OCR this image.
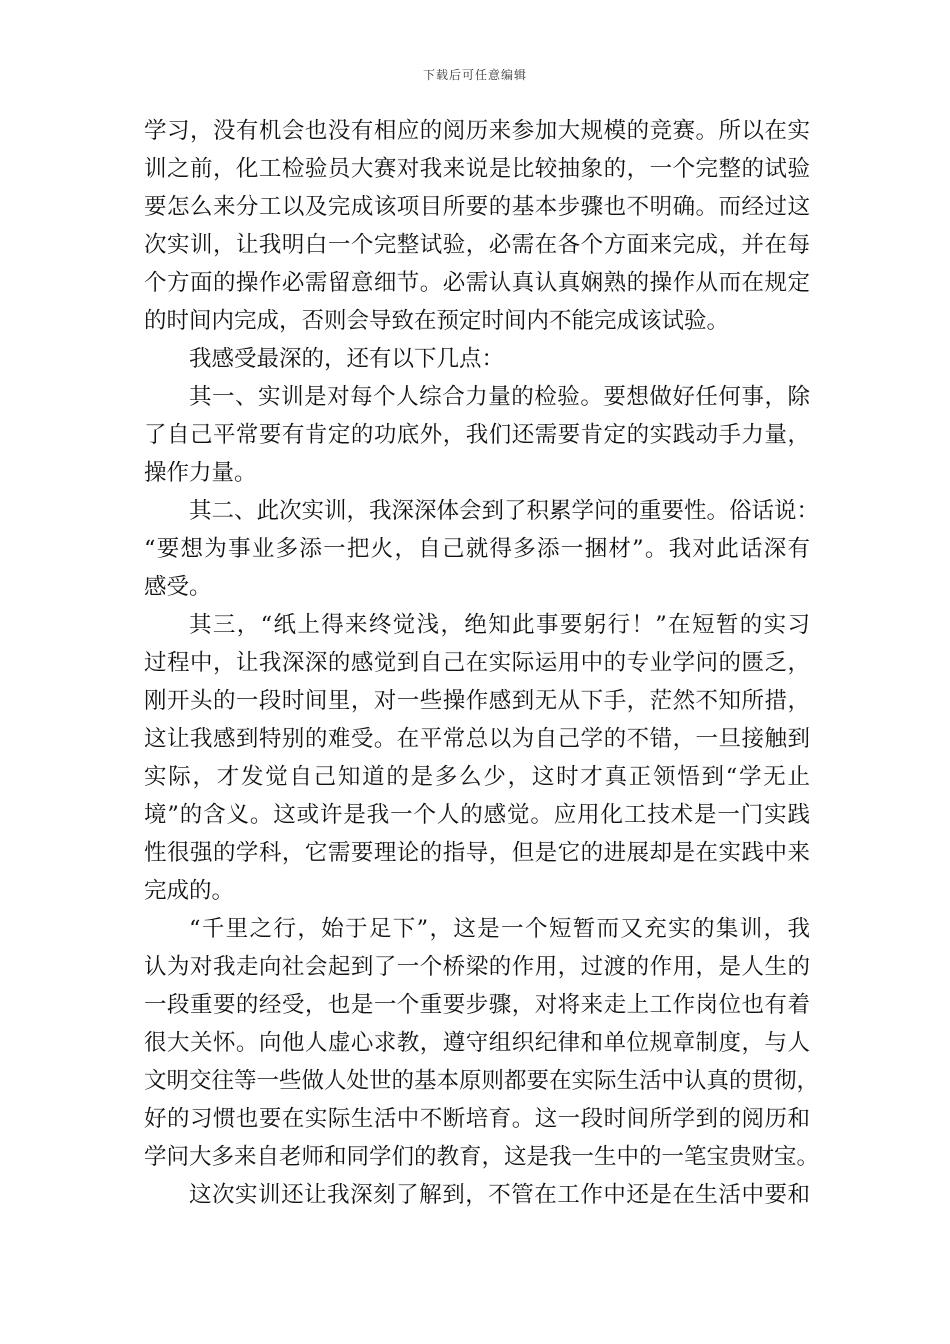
下载后可任意编辑
学习，没有机会也没有相应的阅历来参加大规模的竞赛。所以在实
训之前，化工检验员大赛对我来说是比较抽象的，一个完整的试验
要怎么来分工以及完成该项目所要的基本步骤也不明确。而经过这
次实训，让我明白一个完整试验，必需在各个方面来完成，并在每
个方面的操作必需留意细节。必需认真认真娴熟的操作从而在规定
的时间内完成，否则会导致在预定时间内不能完成该试验。
我感受最深的，还有以下几点：
其一、实训是对每个人综合力量的检验。要想做好任何事，除
了自己平常要有肯定的功底外，我们还需要肯定的实践动手力量，
操作力量。
其二、此次实训，我深深体会到了积累学问的重要性。俗话说：
“要想为事业多添一把火，自己就得多添一捆材”。我对此话深有
感受。
其三，“纸上得来终觉浅，绝知此事要躬行！”在短暂的实习
过程中，让我深深的感觉到自己在实际运用中的专业学问的匮乏，
刚开头的一段时间里，对一些操作感到无从下手，茫然不知所措，
这让我感到特别的难受。在平常总以为自己学的不错，一旦接触到
实际，才发觉自己知道的是多么少，这时才真正领悟到“学无止
境”的含义。这或许是我一个人的感觉。应用化工技术是一门实践
性很强的学科，它需要理论的指导，但是它的进展却是在实践中来
完成的。
“千里之行，始于足下”，这是一个短暂而又充实的集训，我
认为对我走向社会起到了一个桥梁的作用，过渡的作用，是人生的
一段重要的经受，也是一个重要步骤，对将来走上工作岗位也有着
很大关怀。向他人虚心求教，遵守组织纪律和单位规章制度，与人
文明交往等一些做人处世的基本原则都要在实际生活中认真的贯彻，
好的习惯也要在实际生活中不断培育。这一段时间所学到的阅历和
学问大多来自老师和同学们的教育，这是我一生中的一笔宝贵财宝。
这次实训还让我深刻了解到，不管在工作中还是在生活中要和
